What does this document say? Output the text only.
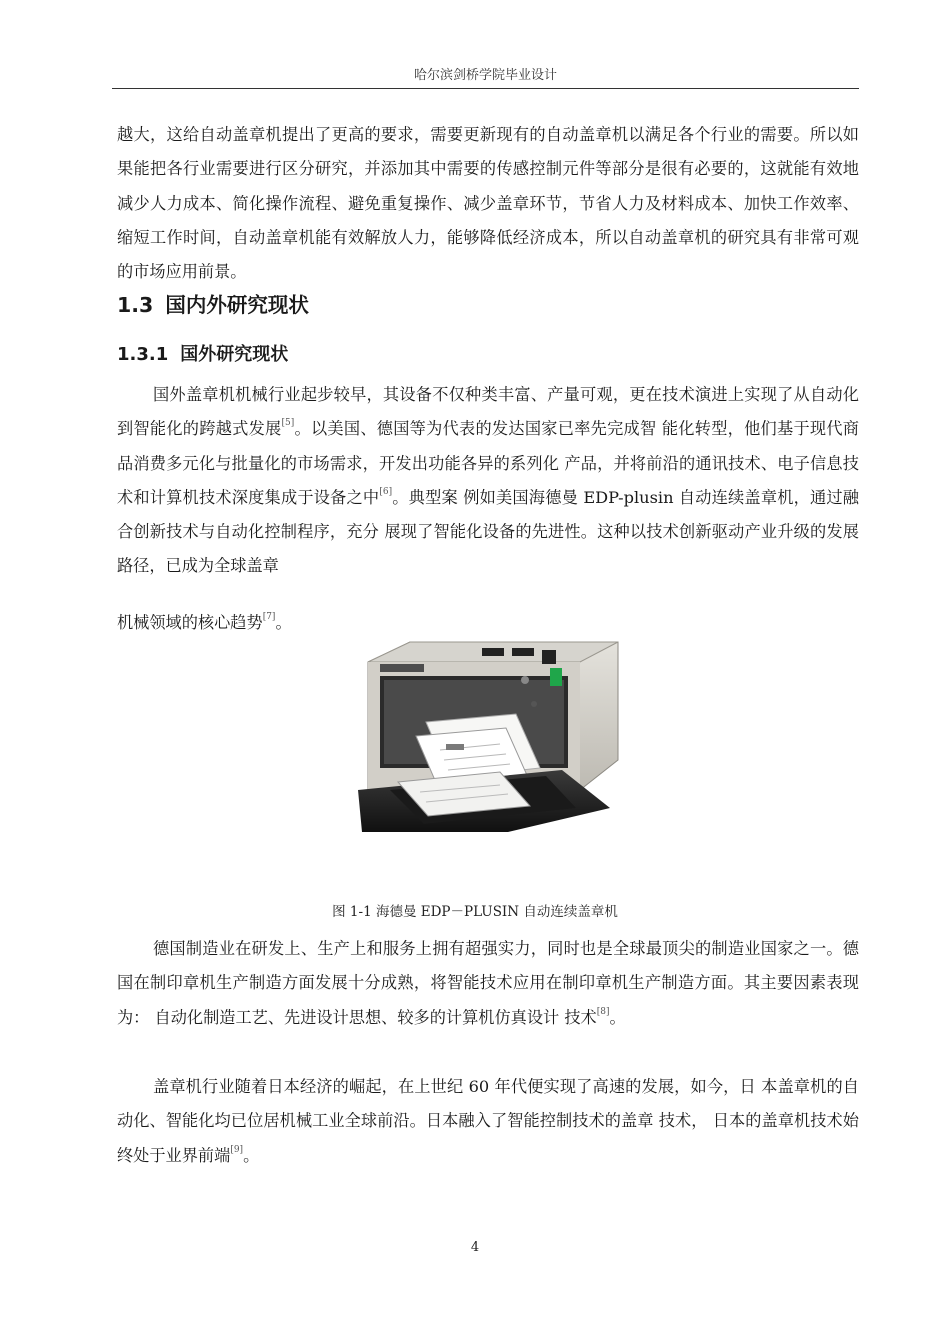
哈尔滨剑桥学院毕业设计

越大，这给自动盖章机提出了更高的要求，需要更新现有的自动盖章机以满足各个行业的需要。所以如果能把各行业需要进行区分研究，并添加其中需要的传感控制元件等部分是很有必要的，这就能有效地减少人力成本、简化操作流程、避免重复操作、减少盖章环节，节省人力及材料成本、加快工作效率、缩短工作时间，自动盖章机能有效解放人力，能够降低经济成本，所以自动盖章机的研究具有非常可观的市场应用前景。

1.3 国内外研究现状
1.3.1 国外研究现状

国外盖章机机械行业起步较早，其设备不仅种类丰富、产量可观，更在技术演进上实现了从自动化到智能化的跨越式发展[5]。以美国、德国等为代表的发达国家已率先完成智 能化转型，他们基于现代商品消费多元化与批量化的市场需求，开发出功能各异的系列化 产品，并将前沿的通讯技术、电子信息技术和计算机技术深度集成于设备之中[6]。典型案 例如美国海德曼 EDP-plusin 自动连续盖章机，通过融合创新技术与自动化控制程序，充分 展现了智能化设备的先进性。这种以技术创新驱动产业升级的发展路径，已成为全球盖章

机械领域的核心趋势[7]。

图 1-1 海德曼 EDP－PLUSIN 自动连续盖章机

德国制造业在研发上、生产上和服务上拥有超强实力，同时也是全球最顶尖的制造业国家之一。德国在制印章机生产制造方面发展十分成熟，将智能技术应用在制印章机生产制造方面。其主要因素表现为： 自动化制造工艺、先进设计思想、较多的计算机仿真设计 技术[8]。

盖章机行业随着日本经济的崛起，在上世纪 60 年代便实现了高速的发展，如今，日 本盖章机的自动化、智能化均已位居机械工业全球前沿。日本融入了智能控制技术的盖章 技术， 日本的盖章机技术始终处于业界前端[9]。

4
